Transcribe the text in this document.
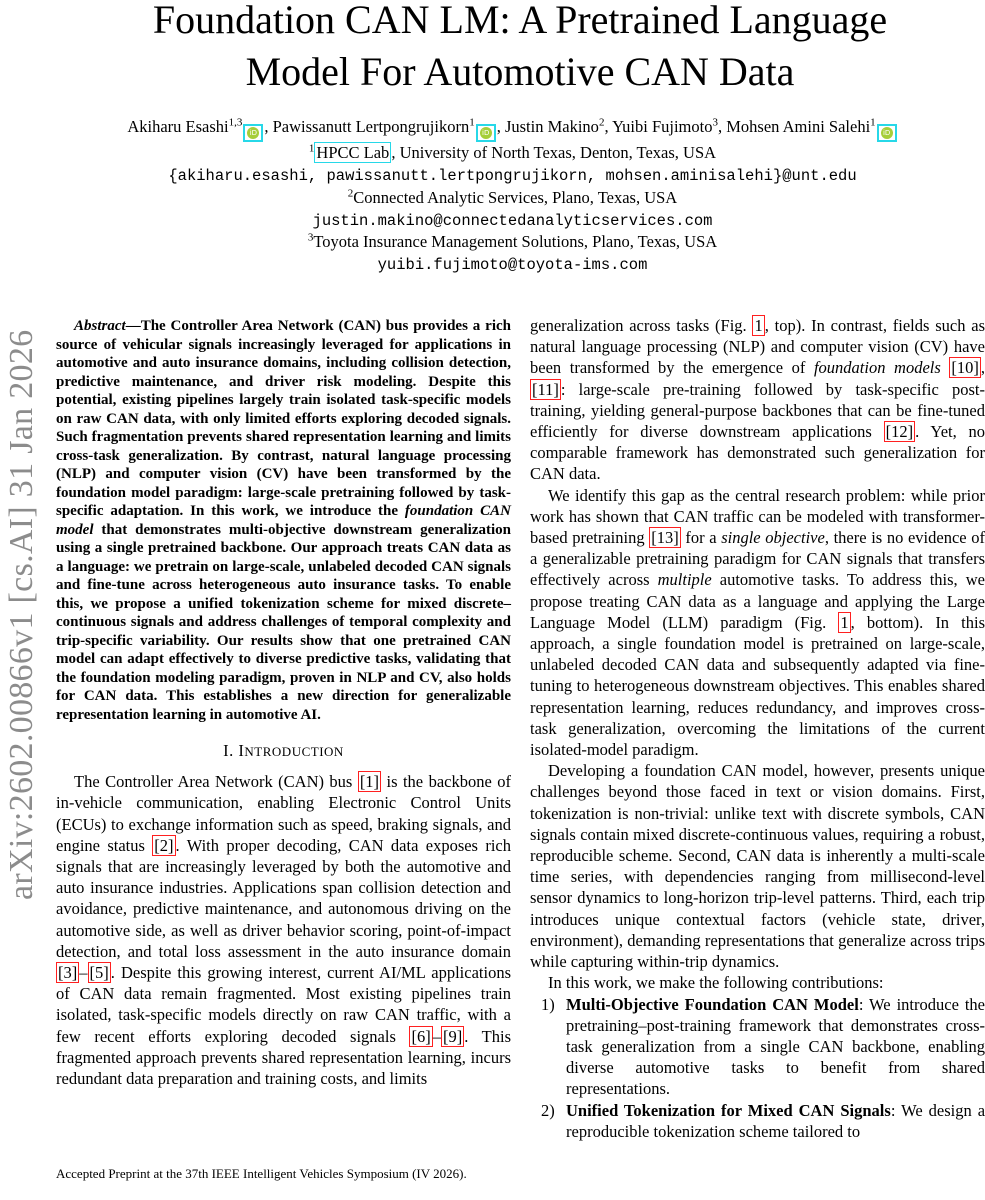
Foundation CAN LM: A Pretrained Language
Model For Automotive CAN Data
Akiharu Esashi$^{1,3}$
iD , Pawissanutt Lertpongrujikorn$^1$
iD , Justin Makino$^2$, Yuibi Fujimoto$^3$, Mohsen Amini Salehi$^1$
iD
$^1$ HPCC Lab , University of North Texas, Denton, Texas, USA
{akiharu.esashi, pawissanutt.lertpongrujikorn, mohsen.aminisalehi}@unt.edu
$^2$Connected Analytic Services, Plano, Texas, USA
justin.makino@connectedanalyticservices.com
$^3$Toyota Insurance Management Solutions, Plano, Texas, USA
yuibi.fujimoto@toyota-ims.com
arXiv:2602.00866v1 [cs.AI] 31 Jan 2026

Abstract—The Controller Area Network (CAN) bus provides a rich source of vehicular signals increasingly leveraged for applications in automotive and auto insurance domains, including collision detection, predictive maintenance, and driver risk modeling. Despite this potential, existing pipelines largely train isolated task-specific models on raw CAN data, with only limited efforts exploring decoded signals. Such fragmentation prevents shared representation learning and limits cross-task generalization. By contrast, natural language processing (NLP) and computer vision (CV) have been transformed by the foundation model paradigm: large-scale pretraining followed by task-specific adaptation. In this work, we introduce the foundation CAN model that demonstrates multi-objective downstream generalization using a single pretrained backbone. Our approach treats CAN data as a language: we pretrain on large-scale, unlabeled decoded CAN signals and fine-tune across heterogeneous auto insurance tasks. To enable this, we propose a unified tokenization scheme for mixed discrete–continuous signals and address challenges of temporal complexity and trip-specific variability. Our results show that one pretrained CAN model can adapt effectively to diverse predictive tasks, validating that the foundation modeling paradigm, proven in NLP and CV, also holds for CAN data. This establishes a new direction for generalizable representation learning in automotive AI.

I. INTRODUCTION

The Controller Area Network (CAN) bus [1] is the backbone of in-vehicle communication, enabling Electronic Control Units (ECUs) to exchange information such as speed, braking signals, and engine status [2] . With proper decoding, CAN data exposes rich signals that are increasingly leveraged by both the automotive and auto insurance industries. Applications span collision detection and avoidance, predictive maintenance, and autonomous driving on the automotive side, as well as driver behavior scoring, point-of-impact detection, and total loss assessment in the auto insurance domain [3] – [5] . Despite this growing interest, current AI/ML applications of CAN data remain fragmented. Most existing pipelines train isolated, task-specific models directly on raw CAN traffic, with a few recent efforts exploring decoded signals [6] – [9] . This fragmented approach prevents shared representation learning, incurs redundant data preparation and training costs, and limits

Accepted Preprint at the 37th IEEE Intelligent Vehicles Symposium (IV 2026).

generalization across tasks (Fig. 1 , top). In contrast, fields such as natural language processing (NLP) and computer vision (CV) have been transformed by the emergence of foundation models [10] , [11] : large-scale pre-training followed by task-specific post-training, yielding general-purpose backbones that can be fine-tuned efficiently for diverse downstream applications [12] . Yet, no comparable framework has demonstrated such generalization for CAN data.

We identify this gap as the central research problem: while prior work has shown that CAN traffic can be modeled with transformer-based pretraining [13] for a single objective, there is no evidence of a generalizable pretraining paradigm for CAN signals that transfers effectively across multiple automotive tasks. To address this, we propose treating CAN data as a language and applying the Large Language Model (LLM) paradigm (Fig. 1 , bottom). In this approach, a single foundation model is pretrained on large-scale, unlabeled decoded CAN data and subsequently adapted via fine-tuning to heterogeneous downstream objectives. This enables shared representation learning, reduces redundancy, and improves cross-task generalization, overcoming the limitations of the current isolated-model paradigm.

Developing a foundation CAN model, however, presents unique challenges beyond those faced in text or vision domains. First, tokenization is non-trivial: unlike text with discrete symbols, CAN signals contain mixed discrete-continuous values, requiring a robust, reproducible scheme. Second, CAN data is inherently a multi-scale time series, with dependencies ranging from millisecond-level sensor dynamics to long-horizon trip-level patterns. Third, each trip introduces unique contextual factors (vehicle state, driver, environment), demanding representations that generalize across trips while capturing within-trip dynamics.

In this work, we make the following contributions:

1) Multi-Objective Foundation CAN Model: We introduce the pretraining–post-training framework that demonstrates cross-task generalization from a single CAN backbone, enabling diverse automotive tasks to benefit from shared representations.
2) Unified Tokenization for Mixed CAN Signals: We design a reproducible tokenization scheme tailored to
